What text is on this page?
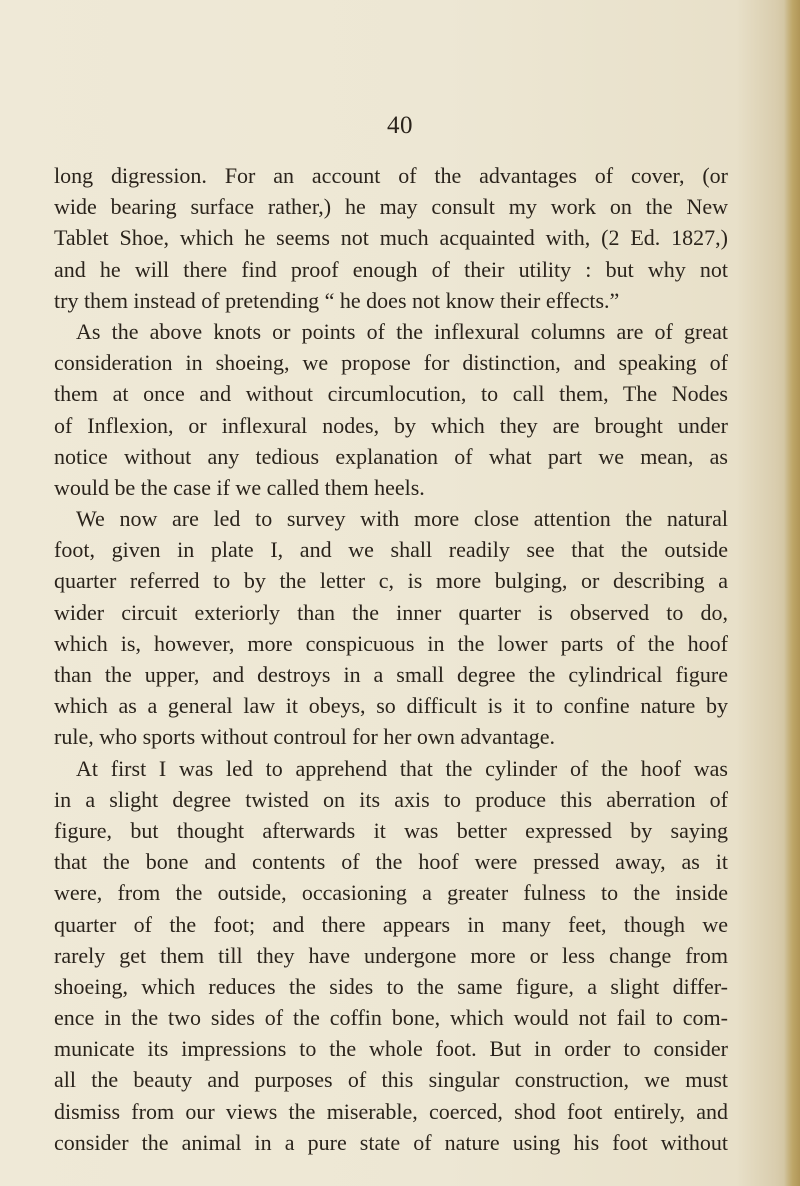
40
long digression. For an account of the advantages of cover, (or
wide bearing surface rather,) he may consult my work on the New
Tablet Shoe, which he seems not much acquainted with, (2 Ed. 1827,)
and he will there find proof enough of their utility : but why not
try them instead of pretending “ he does not know their effects.”
As the above knots or points of the inflexural columns are of great
consideration in shoeing, we propose for distinction, and speaking of
them at once and without circumlocution, to call them, The Nodes
of Inflexion, or inflexural nodes, by which they are brought under
notice without any tedious explanation of what part we mean, as
would be the case if we called them heels.
We now are led to survey with more close attention the natural
foot, given in plate I, and we shall readily see that the outside
quarter referred to by the letter c, is more bulging, or describing a
wider circuit exteriorly than the inner quarter is observed to do,
which is, however, more conspicuous in the lower parts of the hoof
than the upper, and destroys in a small degree the cylindrical figure
which as a general law it obeys, so difficult is it to confine nature by
rule, who sports without controul for her own advantage.
At first I was led to apprehend that the cylinder of the hoof was
in a slight degree twisted on its axis to produce this aberration of
figure, but thought afterwards it was better expressed by saying
that the bone and contents of the hoof were pressed away, as it
were, from the outside, occasioning a greater fulness to the inside
quarter of the foot; and there appears in many feet, though we
rarely get them till they have undergone more or less change from
shoeing, which reduces the sides to the same figure, a slight differ-
ence in the two sides of the coffin bone, which would not fail to com-
municate its impressions to the whole foot. But in order to consider
all the beauty and purposes of this singular construction, we must
dismiss from our views the miserable, coerced, shod foot entirely, and
consider the animal in a pure state of nature using his foot without
